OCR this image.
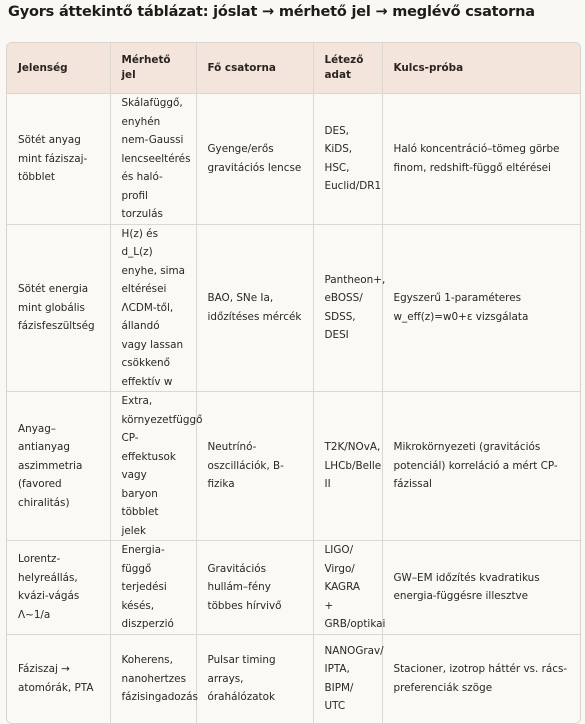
Gyors áttekintő táblázat: jóslat → mérhető jel → meglévő csatorna
Jelenség	Mérhető jel	Fő csatorna	Létező adat	Kulcs-próba
Sötét anyag mint fáziszaj-többlet	Skálafüggő, enyhén nem-Gaussi lencseeltérés és haló-profil torzulás	Gyenge/erős gravitációs lencse	DES, KiDS, HSC, Euclid/DR1	Haló koncentráció–tömeg görbe finom, redshift-függő eltérései
Sötét energia mint globális fázisfeszültség	H(z) és d_L(z) enyhe, sima eltérései ΛCDM-től, állandó vagy lassan csökkenő effektív w	BAO, SNe Ia, időzítéses mércék	Pantheon+, eBOSS/ SDSS, DESI	Egyszerű 1-paraméteres w_eff(z)=w0+ε vizsgálata
Anyag–antianyag aszimmetria (favored chiralitás)	Extra, környezetfüggő CP-effektusok vagy baryon többlet jelek	Neutrínó-oszcillációk, B-fizika	T2K/NOvA, LHCb/Belle II	Mikrokörnyezeti (gravitációs potenciál) korreláció a mért CP-fázissal
Lorentz-helyreállás, kvázi-vágás Λ~1/a	Energia-függő terjedési késés, diszperzió	Gravitációs hullám–fény többes hírvivő	LIGO/ Virgo/ KAGRA + GRB/optikai	GW–EM időzítés kvadratikus energia-függésre illesztve
Fáziszaj → atomórák, PTA	Koherens, nanohertzes fázisingadozás	Pulsar timing arrays, órahálózatok	NANOGrav/ IPTA, BIPM/ UTC	Stacioner, izotrop háttér vs. rács-preferenciák szöge
